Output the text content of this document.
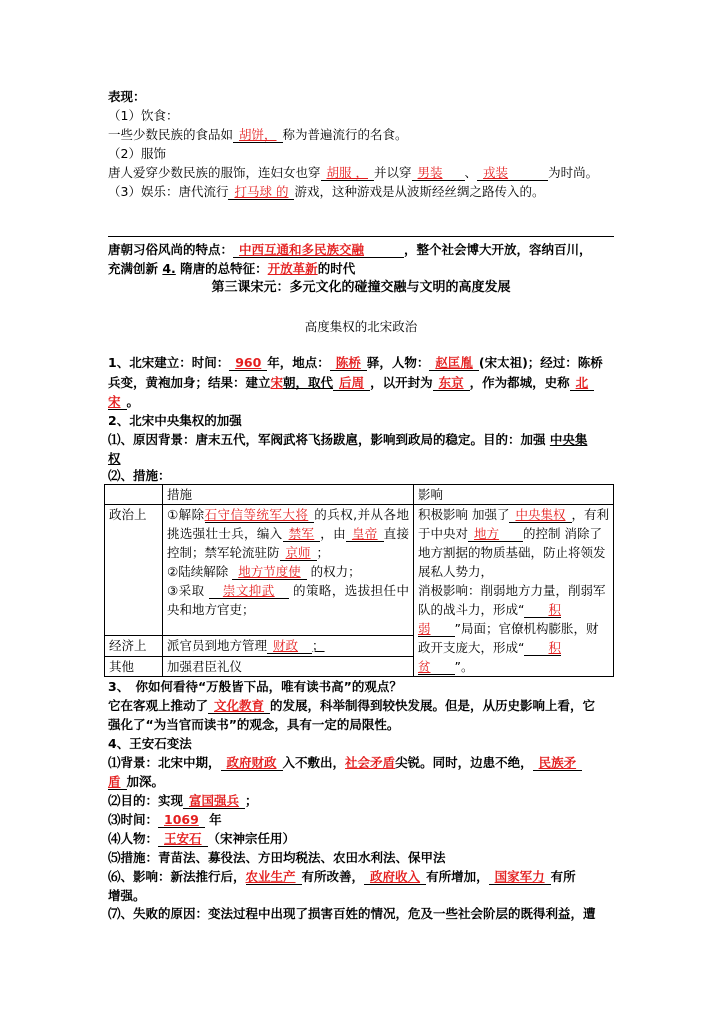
表现：
（1）饮食：
一些少数民族的食品如 胡饼， 称为普遍流行的名食。
（2）服饰
唐人爱穿少数民族的服饰，连妇女也穿 胡服 ， 并以穿 男装 、 戎装	为时尚。
（3）娱乐：唐代流行 打马球 的 游戏，这种游戏是从波斯经丝绸之路传入的。
唐朝习俗风尚的特点： 中西互通和多民族交融	，整个社会博大开放，容纳百川，
充满创新 4. 隋唐的总特征：开放革新的时代
第三课宋元：多元文化的碰撞交融与文明的高度发展
高度集权的北宋政治
1、北宋建立：时间： 960 年，地点： 陈桥 驿，人物： 赵匡胤 (宋太祖)；经过：陈桥
兵变，黄袍加身；结果：建立宋朝，取代 后周 ，以开封为 东京 ，作为都城，史称 北
宋 。
2、北宋中央集权的加强
⑴、原因背景：唐末五代，军阀武将飞扬跋扈，影响到政局的稳定。目的：加强 中央集
权
⑵、措施：
	措施	影响
政治上	①解除石守信等统军大将 的兵权,并从各地挑选强壮士兵，编入 禁军 ，由 皇帝 直接控制；禁军轮流驻防 京师 ；
②陆续解除 地方节度使 的权力；
③采取 崇文抑武 的策略，选拔担任中央和地方官吏；	积极影响 加强了 中央集权 ，有利于中央对 地方 的控制 消除了地方割据的物质基础，防止将领发展私人势力，
消极影响：削弱地方力量，削弱军队的战斗力，形成“ 积弱 ”局面；官僚机构膨胀，财政开支庞大，形成“ 积贫 ”。
经济上	派官员到地方管理 财政 ；	
其他	加强君臣礼仪	
3、　你如何看待“万般皆下品，唯有读书高”的观点？
它在客观上推动了 文化教育 的发展，科举制得到较快发展。但是，从历史影响上看，它
强化了“为当官而读书”的观念，具有一定的局限性。
4、王安石变法
⑴背景：北宋中期， 政府财政 入不敷出，社会矛盾尖锐。同时，边患不绝， 民族矛
盾 加深。
⑵目的：实现 富国强兵 ；
⑶时间： 1069 年
⑷人物： 王安石 （宋神宗任用）
⑸措施：青苗法、募役法、方田均税法、农田水利法、保甲法
⑹、影响：新法推行后，农业生产 有所改善， 政府收入 有所增加， 国家军力 有所
增强。
⑺、失败的原因：变法过程中出现了损害百姓的情况，危及一些社会阶层的既得利益，遭
